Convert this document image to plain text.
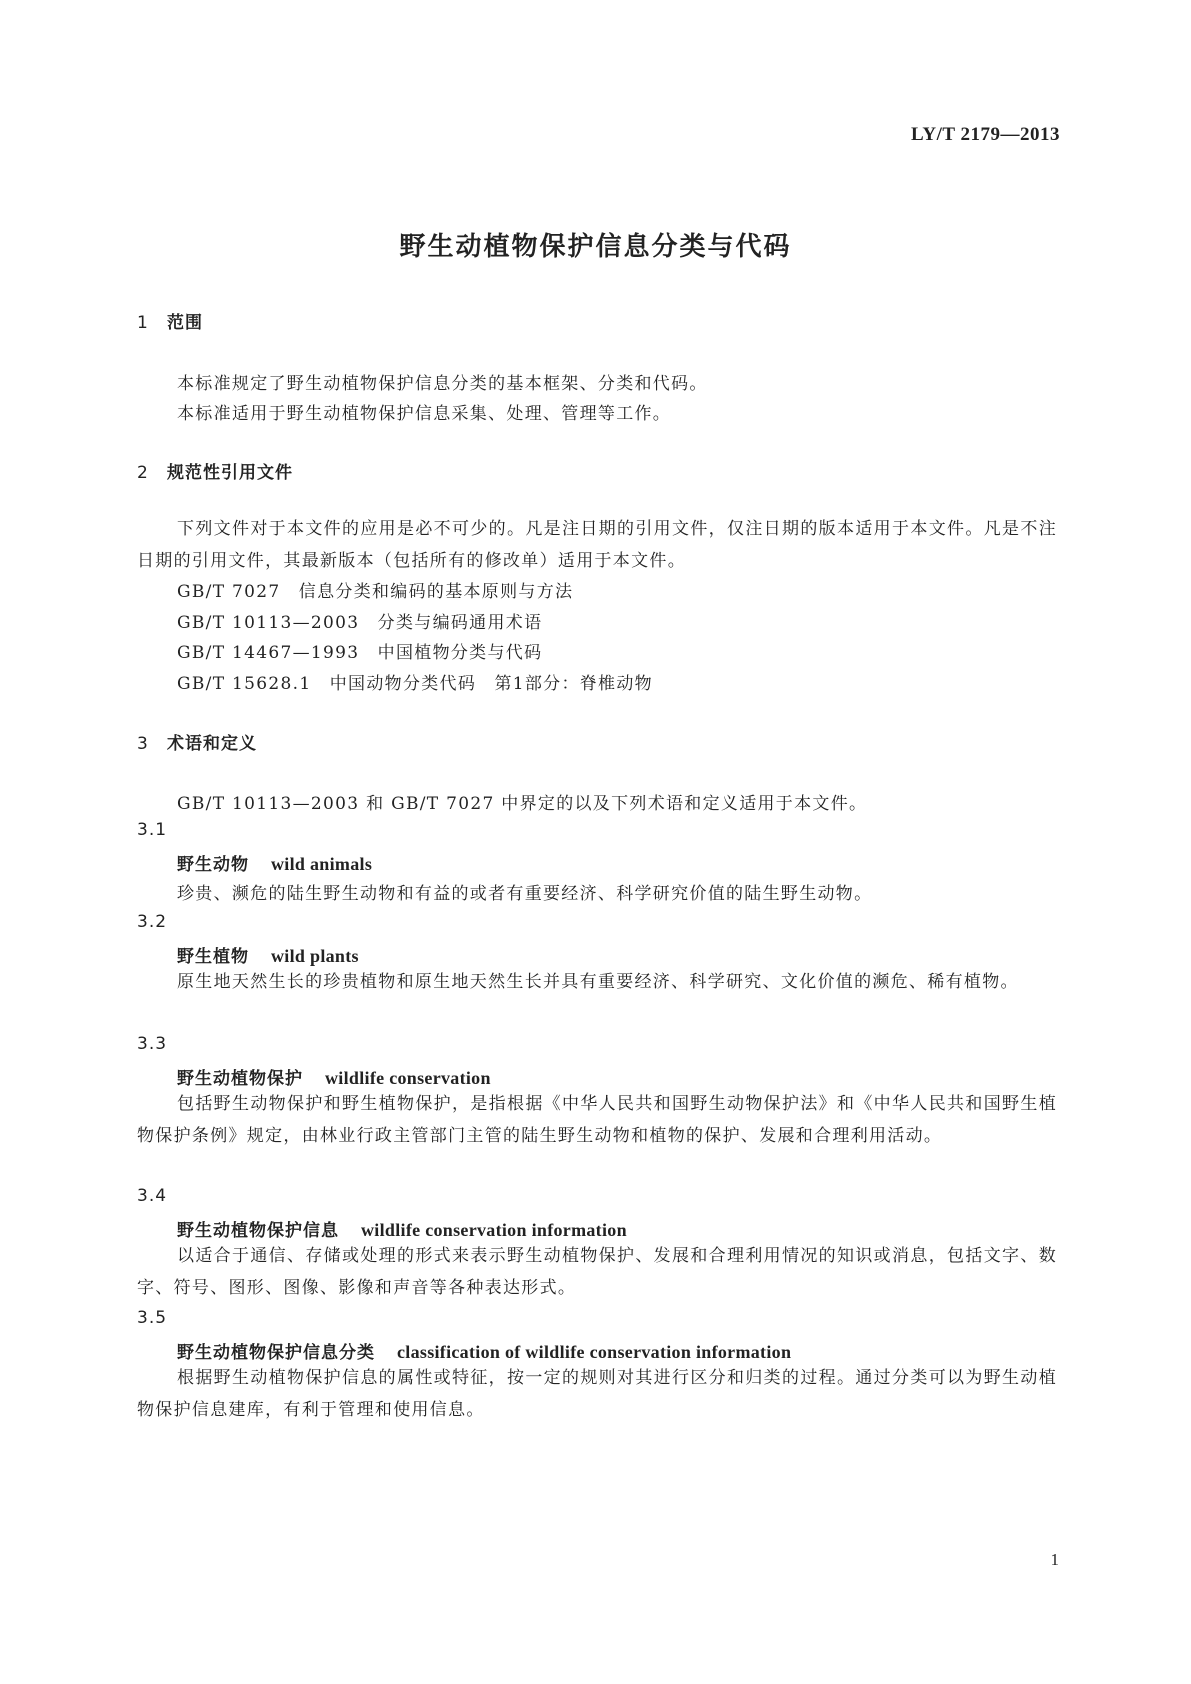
LY/T 2179—2013
野生动植物保护信息分类与代码
1 范围

本标准规定了野生动植物保护信息分类的基本框架、分类和代码。

本标准适用于野生动植物保护信息采集、处理、管理等工作。

2 规范性引用文件

下列文件对于本文件的应用是必不可少的。凡是注日期的引用文件，仅注日期的版本适用于本文件。凡是不注日期的引用文件，其最新版本（包括所有的修改单）适用于本文件。

GB/T 7027　信息分类和编码的基本原则与方法

GB/T 10113—2003　分类与编码通用术语

GB/T 14467—1993　中国植物分类与代码

GB/T 15628.1　中国动物分类代码　第1部分：脊椎动物

3 术语和定义

GB/T 10113—2003 和 GB/T 7027 中界定的以及下列术语和定义适用于本文件。

3.1
野生动物 wild animals

珍贵、濒危的陆生野生动物和有益的或者有重要经济、科学研究价值的陆生野生动物。

3.2
野生植物 wild plants

原生地天然生长的珍贵植物和原生地天然生长并具有重要经济、科学研究、文化价值的濒危、稀有植物。

3.3
野生动植物保护 wildlife conservation

包括野生动物保护和野生植物保护，是指根据《中华人民共和国野生动物保护法》和《中华人民共和国野生植物保护条例》规定，由林业行政主管部门主管的陆生野生动物和植物的保护、发展和合理利用活动。

3.4
野生动植物保护信息 wildlife conservation information

以适合于通信、存储或处理的形式来表示野生动植物保护、发展和合理利用情况的知识或消息，包括文字、数字、符号、图形、图像、影像和声音等各种表达形式。

3.5
野生动植物保护信息分类 classification of wildlife conservation information

根据野生动植物保护信息的属性或特征，按一定的规则对其进行区分和归类的过程。通过分类可以为野生动植物保护信息建库，有利于管理和使用信息。

1
